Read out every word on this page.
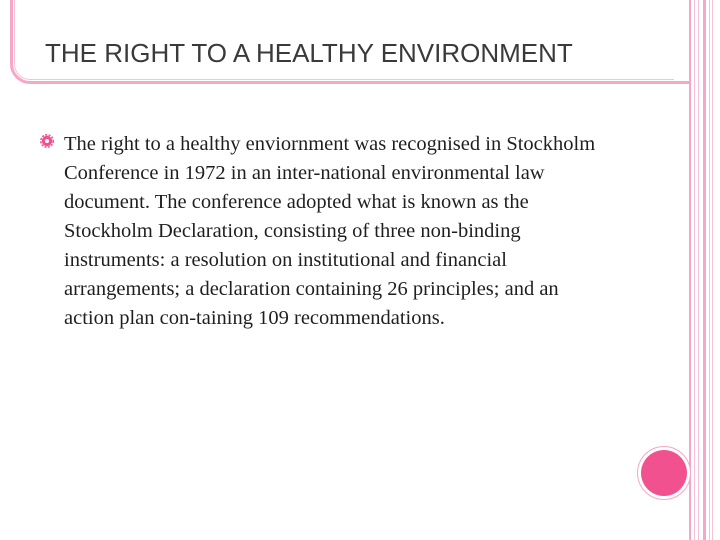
THE RIGHT TO A HEALTHY ENVIRONMENT

The right to a healthy enviornment was recognised in Stockholm Conference in 1972 in an inter-national environmental law document. The conference adopted what is known as the Stockholm Declaration, consisting of three non-binding instruments: a resolution on institutional and financial arrangements; a declaration containing 26 principles; and an action plan con-taining 109 recommendations.
